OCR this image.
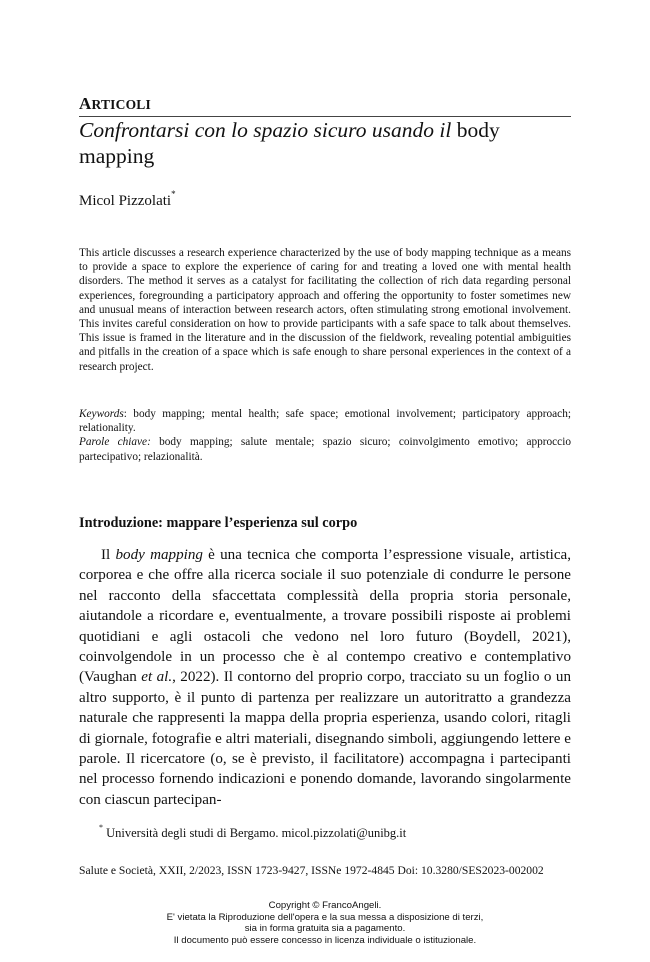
ARTICOLI
Confrontarsi con lo spazio sicuro usando il body mapping
Micol Pizzolati*

This article discusses a research experience characterized by the use of body mapping technique as a means to provide a space to explore the experience of caring for and treating a loved one with mental health disorders. The method it serves as a catalyst for facilitating the collection of rich data regarding personal experiences, foregrounding a participatory approach and offering the opportunity to foster sometimes new and unusual means of interaction between research actors, often stimulating strong emotional involvement. This invites careful consideration on how to provide participants with a safe space to talk about themselves. This issue is framed in the literature and in the discussion of the fieldwork, revealing potential ambiguities and pitfalls in the creation of a space which is safe enough to share personal experiences in the context of a research project.

Keywords: body mapping; mental health; safe space; emotional involvement; participatory approach; relationality.

Parole chiave: body mapping; salute mentale; spazio sicuro; coinvolgimento emotivo; approccio partecipativo; relazionalità.

Introduzione: mappare l’esperienza sul corpo

Il body mapping è una tecnica che comporta l’espressione visuale, artistica, corporea e che offre alla ricerca sociale il suo potenziale di condurre le persone nel racconto della sfaccettata complessità della propria storia personale, aiutandole a ricordare e, eventualmente, a trovare possibili risposte ai problemi quotidiani e agli ostacoli che vedono nel loro futuro (Boydell, 2021), coinvolgendole in un processo che è al contempo creativo e contemplativo (Vaughan et al., 2022). Il contorno del proprio corpo, tracciato su un foglio o un altro supporto, è il punto di partenza per realizzare un autoritratto a grandezza naturale che rappresenti la mappa della propria esperienza, usando colori, ritagli di giornale, fotografie e altri materiali, disegnando simboli, aggiungendo lettere e parole. Il ricercatore (o, se è previsto, il facilitatore) accompagna i partecipanti nel processo fornendo indicazioni e ponendo domande, lavorando singolarmente con ciascun partecipan-

* Università degli studi di Bergamo. micol.pizzolati@unibg.it
Salute e Società, XXII, 2/2023, ISSN 1723-9427, ISSNe 1972-4845 Doi: 10.3280/SES2023-002002
Copyright © FrancoAngeli.
E' vietata la Riproduzione dell'opera e la sua messa a disposizione di terzi,
sia in forma gratuita sia a pagamento.
Il documento può essere concesso in licenza individuale o istituzionale.
